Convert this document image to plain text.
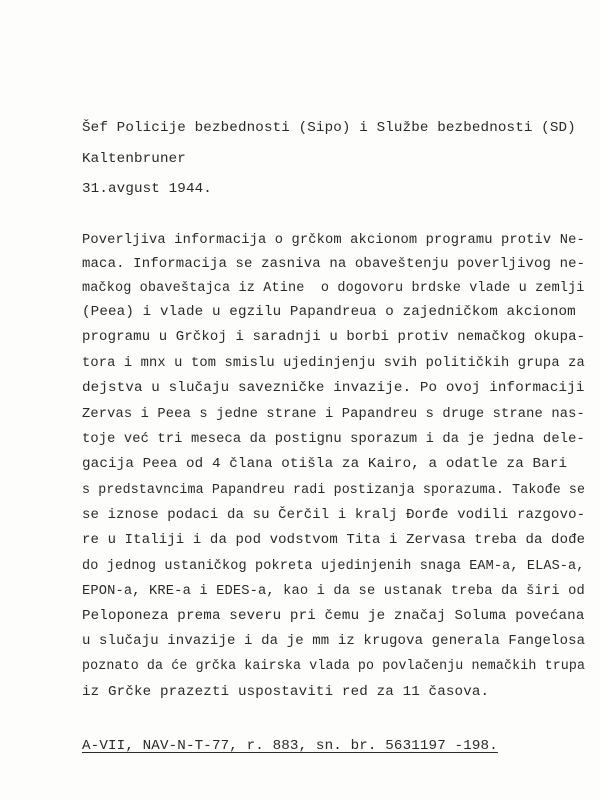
Šef Policije bezbednosti (Sipo) i Službe bezbednosti (SD)
Kaltenbruner
31.avgust 1944.
Poverljiva informacija o grčkom akcionom programu protiv Ne-
maca. Informacija se zasniva na obaveštenju poverljivog ne-
mačkog obaveštajca iz Atine  o dogovoru brdske vlade u zemlji
(Peea) i vlade u egzilu Papandreua o zajedničkom akcionom
programu u Grčkoj i saradnji u borbi protiv nemačkog okupa-
tora i mnx u tom smislu ujedinjenju svih političkih grupa za
dejstva u slučaju savezničke invazije. Po ovoj informaciji
Zervas i Peea s jedne strane i Papandreu s druge strane nas-
toje već tri meseca da postignu sporazum i da je jedna dele-
gacija Peea od 4 člana otišla za Kairo, a odatle za Bari
s predstavncima Papandreu radi postizanja sporazuma. Takođe se
se iznose podaci da su Čerčil i kralj Đorđe vodili razgovo-
re u Italiji i da pod vodstvom Tita i Zervasa treba da dođe
do jednog ustaničkog pokreta ujedinjenih snaga EAM-a, ELAS-a,
EPON-a, KRE-a i EDES-a, kao i da se ustanak treba da širi od
Peloponeza prema severu pri čemu je značaj Soluma povećana
u slučaju invazije i da je mm iz krugova generala Fangelosa
poznato da će grčka kairska vlada po povlačenju nemačkih trupa
iz Grčke prazezti uspostaviti red za 11 časova.
A-VII, NAV-N-T-77, r. 883, sn. br. 5631197 -198.
